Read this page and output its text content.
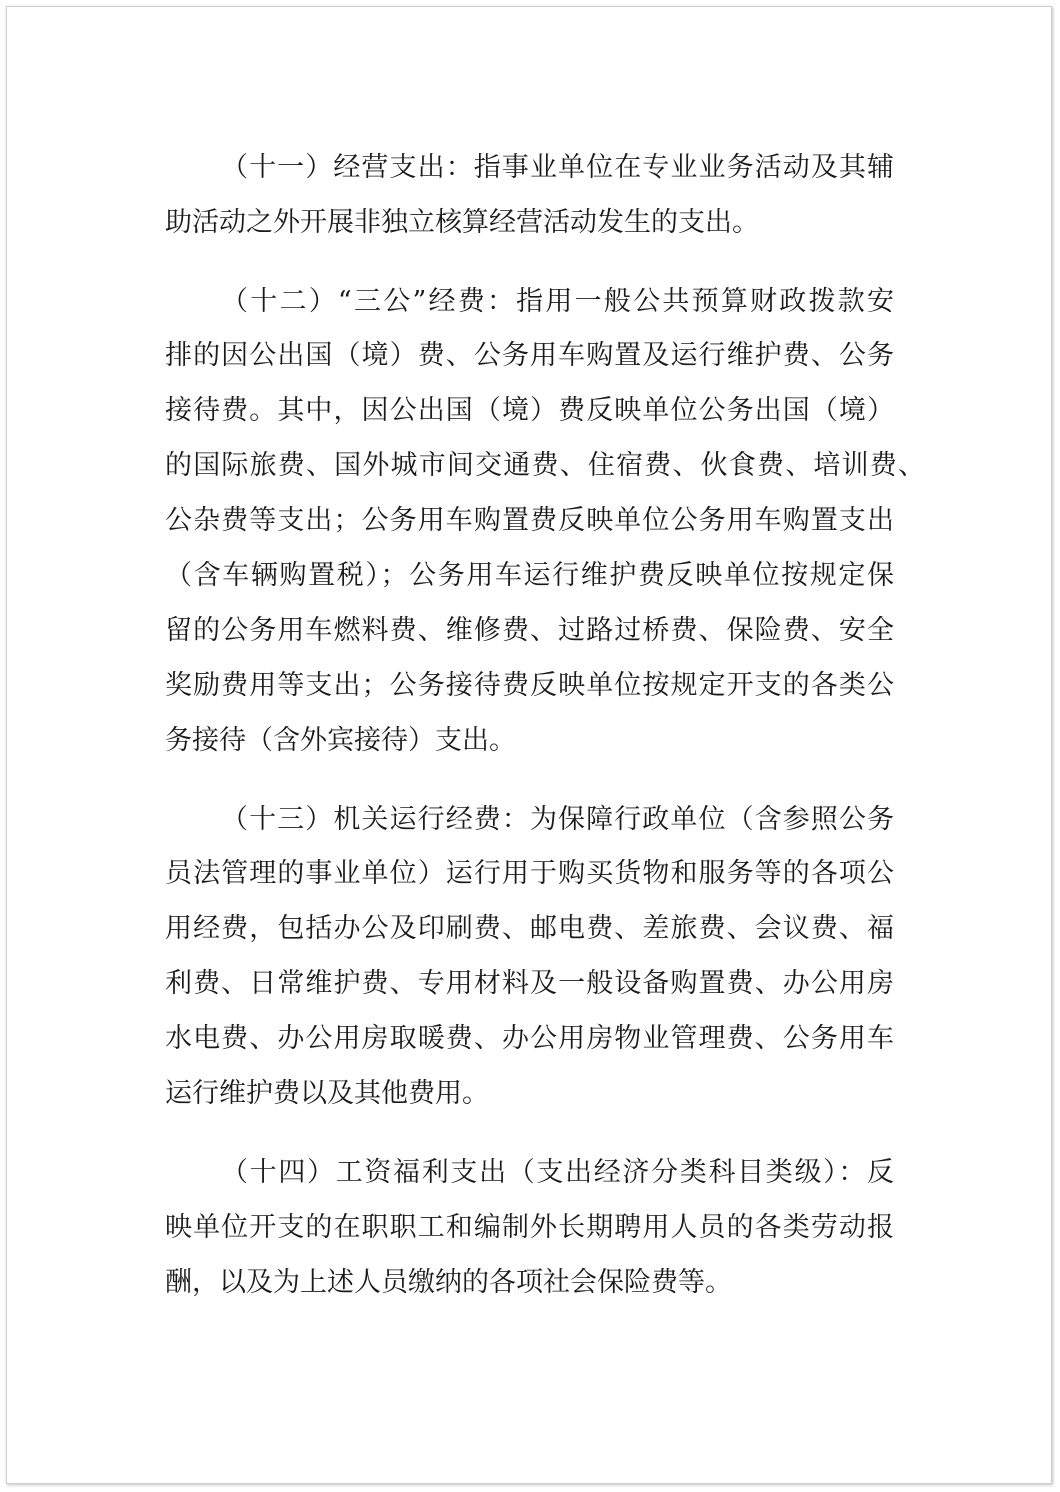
（十一）经营支出：指事业单位在专业业务活动及其辅
助活动之外开展非独立核算经营活动发生的支出。
（十二）“三公”经费：指用一般公共预算财政拨款安
排的因公出国（境）费、公务用车购置及运行维护费、公务
接待费。其中，因公出国（境）费反映单位公务出国（境）
的国际旅费、国外城市间交通费、住宿费、伙食费、培训费、
公杂费等支出；公务用车购置费反映单位公务用车购置支出
（含车辆购置税）；公务用车运行维护费反映单位按规定保
留的公务用车燃料费、维修费、过路过桥费、保险费、安全
奖励费用等支出；公务接待费反映单位按规定开支的各类公
务接待（含外宾接待）支出。
（十三）机关运行经费：为保障行政单位（含参照公务
员法管理的事业单位）运行用于购买货物和服务等的各项公
用经费，包括办公及印刷费、邮电费、差旅费、会议费、福
利费、日常维护费、专用材料及一般设备购置费、办公用房
水电费、办公用房取暖费、办公用房物业管理费、公务用车
运行维护费以及其他费用。
（十四）工资福利支出（支出经济分类科目类级）：反
映单位开支的在职职工和编制外长期聘用人员的各类劳动报
酬，以及为上述人员缴纳的各项社会保险费等。
